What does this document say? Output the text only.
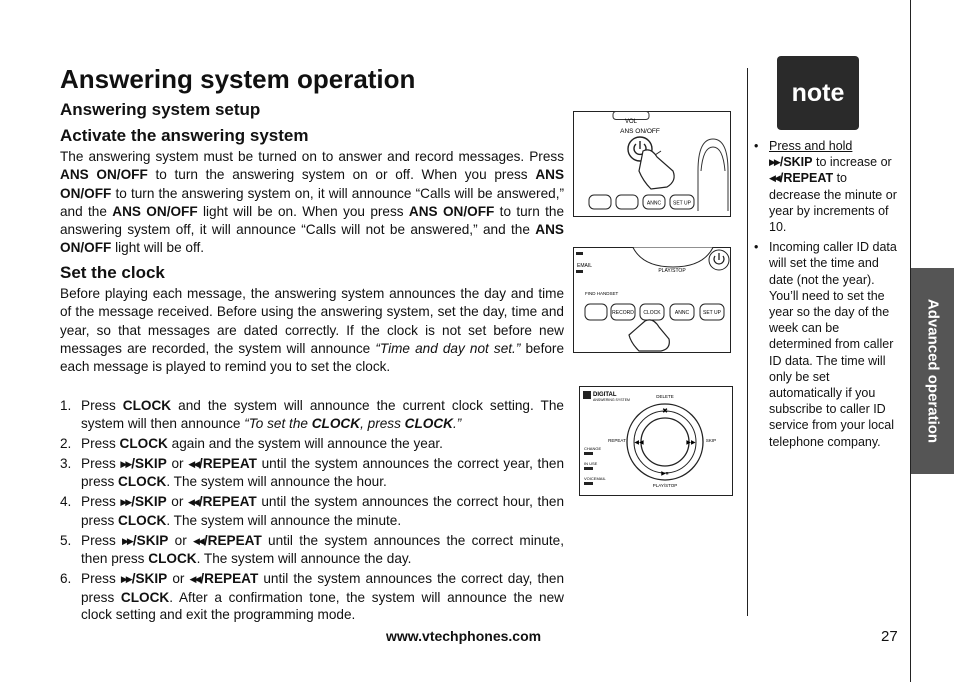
Advanced operation
Answering system operation
Answering system setup
Activate the answering system

The answering system must be turned on to answer and record messages. Press ANS ON/OFF to turn the answering system on or off. When you press ANS ON/OFF to turn the answering system on, it will announce “Calls will be answered,” and the ANS ON/OFF light will be on. When you press ANS ON/OFF to turn the answering system off, it will announce “Calls will not be answered,” and the ANS ON/OFF light will be off.

Set the clock

Before playing each message, the answering system announces the day and time of the message received. Before using the answering system, set the day, time and year, so that messages are dated correctly. If the clock is not set before new messages are recorded, the system will announce “Time and day not set.” before each message is played to remind you to set the clock.

1. Press CLOCK and the system will announce the current clock setting. The system will then announce “To set the CLOCK, press CLOCK.”
2. Press CLOCK again and the system will announce the year.
3. Press ▶▶/SKIP or ◀◀/REPEAT until the system announces the correct year, then press CLOCK. The system will announce the hour.
4. Press ▶▶/SKIP or ◀◀/REPEAT until the system announces the correct hour, then press CLOCK. The system will announce the minute.
5. Press ▶▶/SKIP or ◀◀/REPEAT until the system announces the correct minute, then press CLOCK. The system will announce the day.
6. Press ▶▶/SKIP or ◀◀/REPEAT until the system announces the correct day, then press CLOCK. After a confirmation tone, the system will announce the new clock setting and exit the programming mode.
VOL
ANS ON/OFF
ANNC SET UP
PLAY/STOP
EMAIL
FIND HANDSET
RECORD CLOCK	ANNC	SET UP
DIGITAL
ANSWERING SYSTEM
DELETE
✖
▶⏸
◀◀	▶▶
REPEAT	SKIP
PLAY/STOP
CHANGE
IN USE
VOICEMAIL
note
• Press and hold
▶▶/SKIP to increase or ◀◀/REPEAT to decrease the minute or year by increments of 10.
• Incoming caller ID data will set the time and date (not the year). You’ll need to set the year so the day of the week can be determined from caller ID data. The time will only be set automatically if you subscribe to caller ID service from your local telephone company.
www.vtechphones.com	27
